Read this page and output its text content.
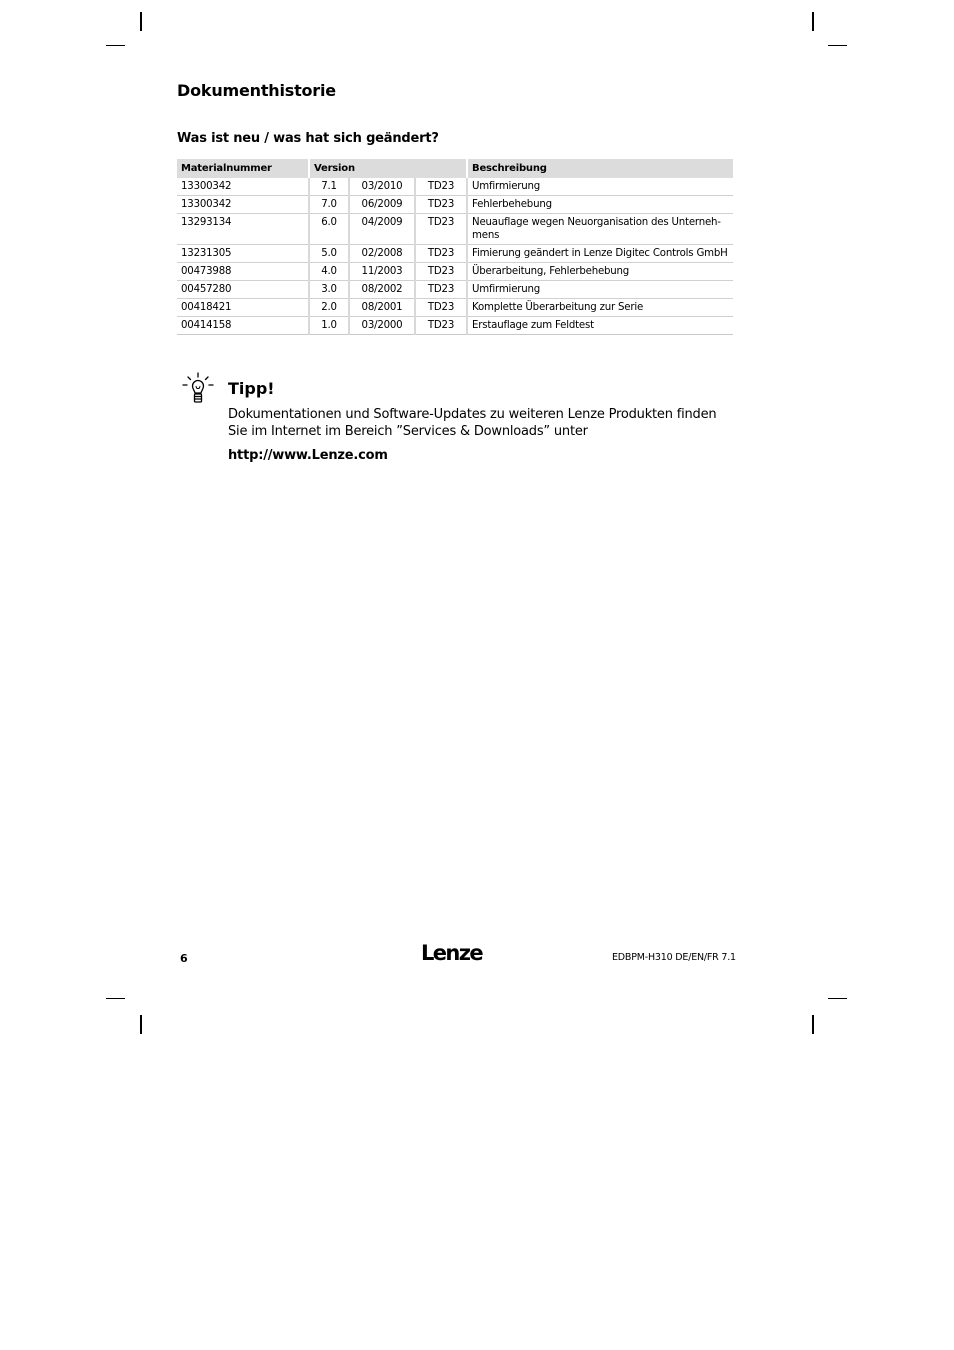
Dokumenthistorie
Was ist neu / was hat sich geändert?
Materialnummer	Version			Beschreibung
13300342	7.1	03/2010	TD23	Umfirmierung
13300342	7.0	06/2009	TD23	Fehlerbehebung
13293134	6.0	04/2009	TD23	Neuauflage wegen Neuorganisation des Unterneh-
mens
13231305	5.0	02/2008	TD23	Fimierung geändert in Lenze Digitec Controls GmbH
00473988	4.0	11/2003	TD23	Überarbeitung, Fehlerbehebung
00457280	3.0	08/2002	TD23	Umfirmierung
00418421	2.0	08/2001	TD23	Komplette Überarbeitung zur Serie
00414158	1.0	03/2000	TD23	Erstauflage zum Feldtest
Tipp!
Dokumentationen und Software-Updates zu weiteren Lenze Produkten finden Sie im Internet im Bereich ”Services & Downloads” unter
http://www.Lenze.com
6	Lenze	EDBPM-H310 DE/EN/FR 7.1
